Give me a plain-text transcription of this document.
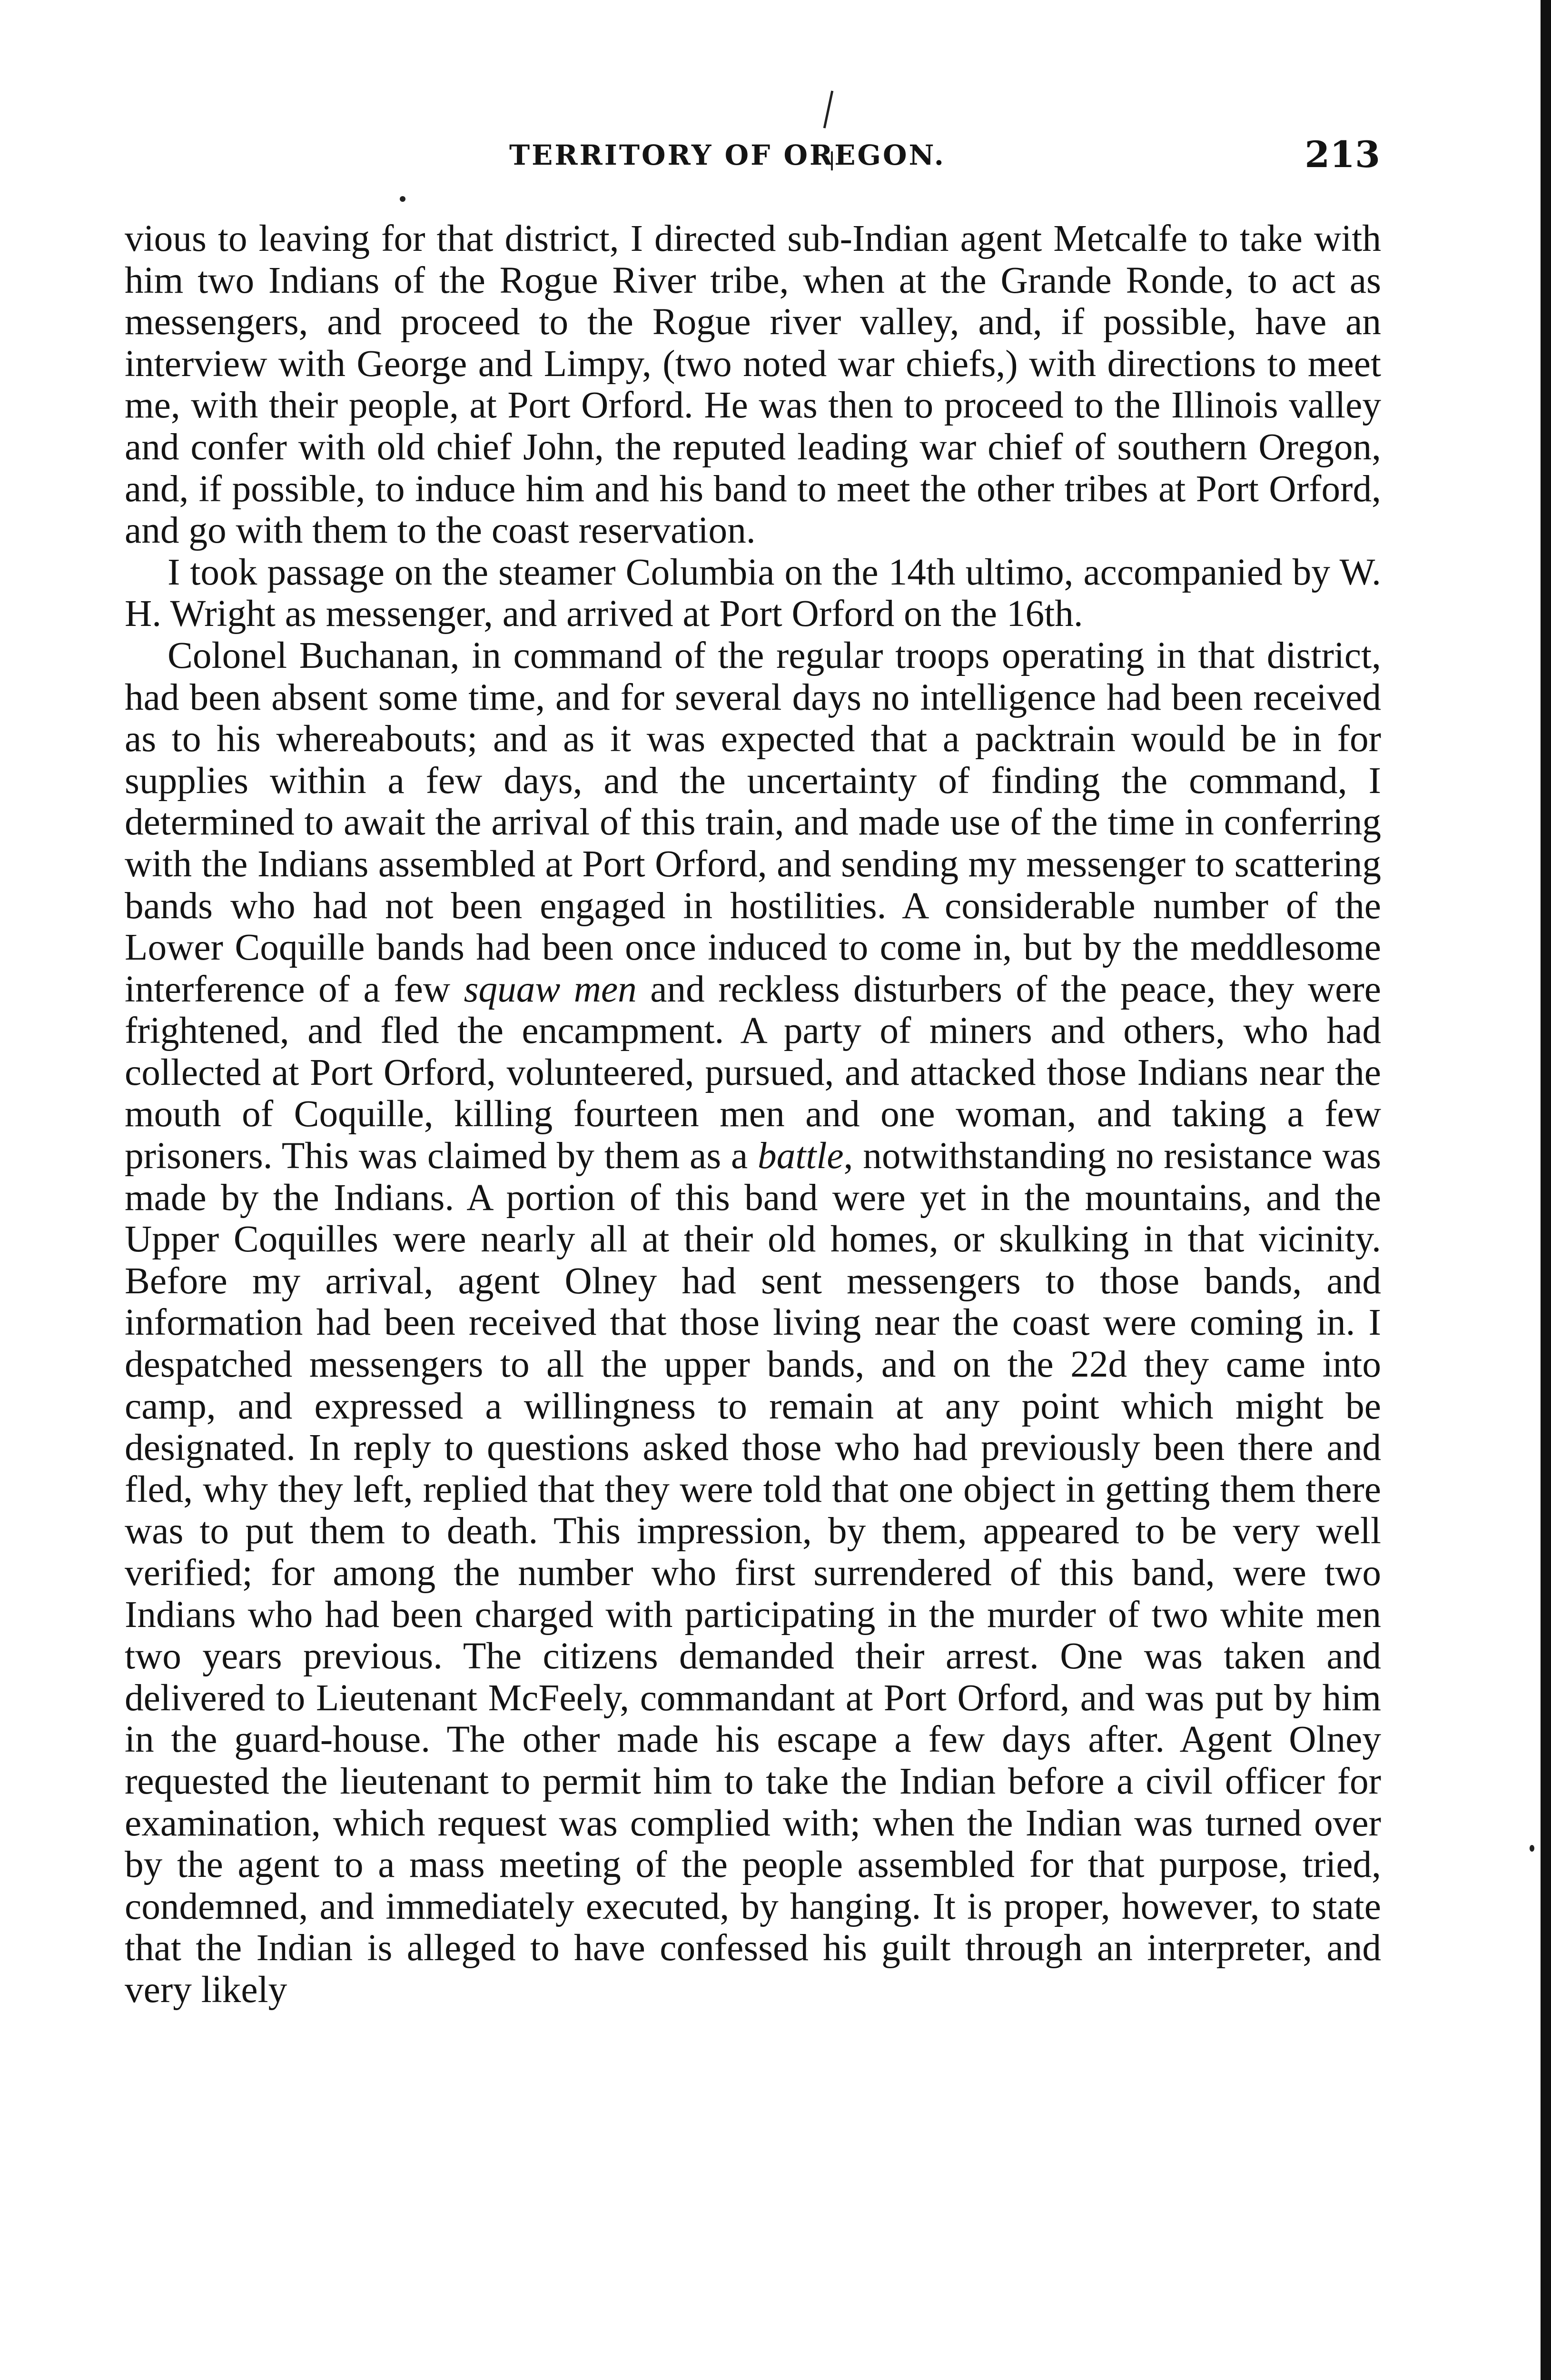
TERRITORY OF OREGON.	213

vious to leaving for that district, I directed sub-Indian agent Metcalfe to take with him two Indians of the Rogue River tribe, when at the Grande Ronde, to act as messengers, and proceed to the Rogue river valley, and, if possible, have an interview with George and Limpy, (two noted war chiefs,) with directions to meet me, with their people, at Port Orford. He was then to proceed to the Illinois valley and confer with old chief John, the reputed leading war chief of southern Oregon, and, if possible, to induce him and his band to meet the other tribes at Port Orford, and go with them to the coast reservation.

I took passage on the steamer Columbia on the 14th ultimo, accompanied by W. H. Wright as messenger, and arrived at Port Orford on the 16th.

Colonel Buchanan, in command of the regular troops operating in that district, had been absent some time, and for several days no intelligence had been received as to his whereabouts; and as it was expected that a packtrain would be in for supplies within a few days, and the uncertainty of finding the command, I determined to await the arrival of this train, and made use of the time in conferring with the Indians assembled at Port Orford, and sending my messenger to scattering bands who had not been engaged in hostilities. A considerable number of the Lower Coquille bands had been once induced to come in, but by the meddlesome interference of a few squaw men and reckless disturbers of the peace, they were frightened, and fled the encampment. A party of miners and others, who had collected at Port Orford, volunteered, pursued, and attacked those Indians near the mouth of Coquille, killing fourteen men and one woman, and taking a few prisoners. This was claimed by them as a battle, notwithstanding no resistance was made by the Indians. A portion of this band were yet in the mountains, and the Upper Coquilles were nearly all at their old homes, or skulking in that vicinity. Before my arrival, agent Olney had sent messengers to those bands, and information had been received that those living near the coast were coming in. I despatched messengers to all the upper bands, and on the 22d they came into camp, and expressed a willingness to remain at any point which might be designated. In reply to questions asked those who had previously been there and fled, why they left, replied that they were told that one object in getting them there was to put them to death. This impression, by them, appeared to be very well verified; for among the number who first surrendered of this band, were two Indians who had been charged with participating in the murder of two white men two years previous. The citizens demanded their arrest. One was taken and delivered to Lieutenant McFeely, commandant at Port Orford, and was put by him in the guard-house. The other made his escape a few days after. Agent Olney requested the lieutenant to permit him to take the Indian before a civil officer for examination, which request was complied with; when the Indian was turned over by the agent to a mass meeting of the people assembled for that purpose, tried, condemned, and immediately executed, by hanging. It is proper, however, to state that the Indian is alleged to have confessed his guilt through an interpreter, and very likely
